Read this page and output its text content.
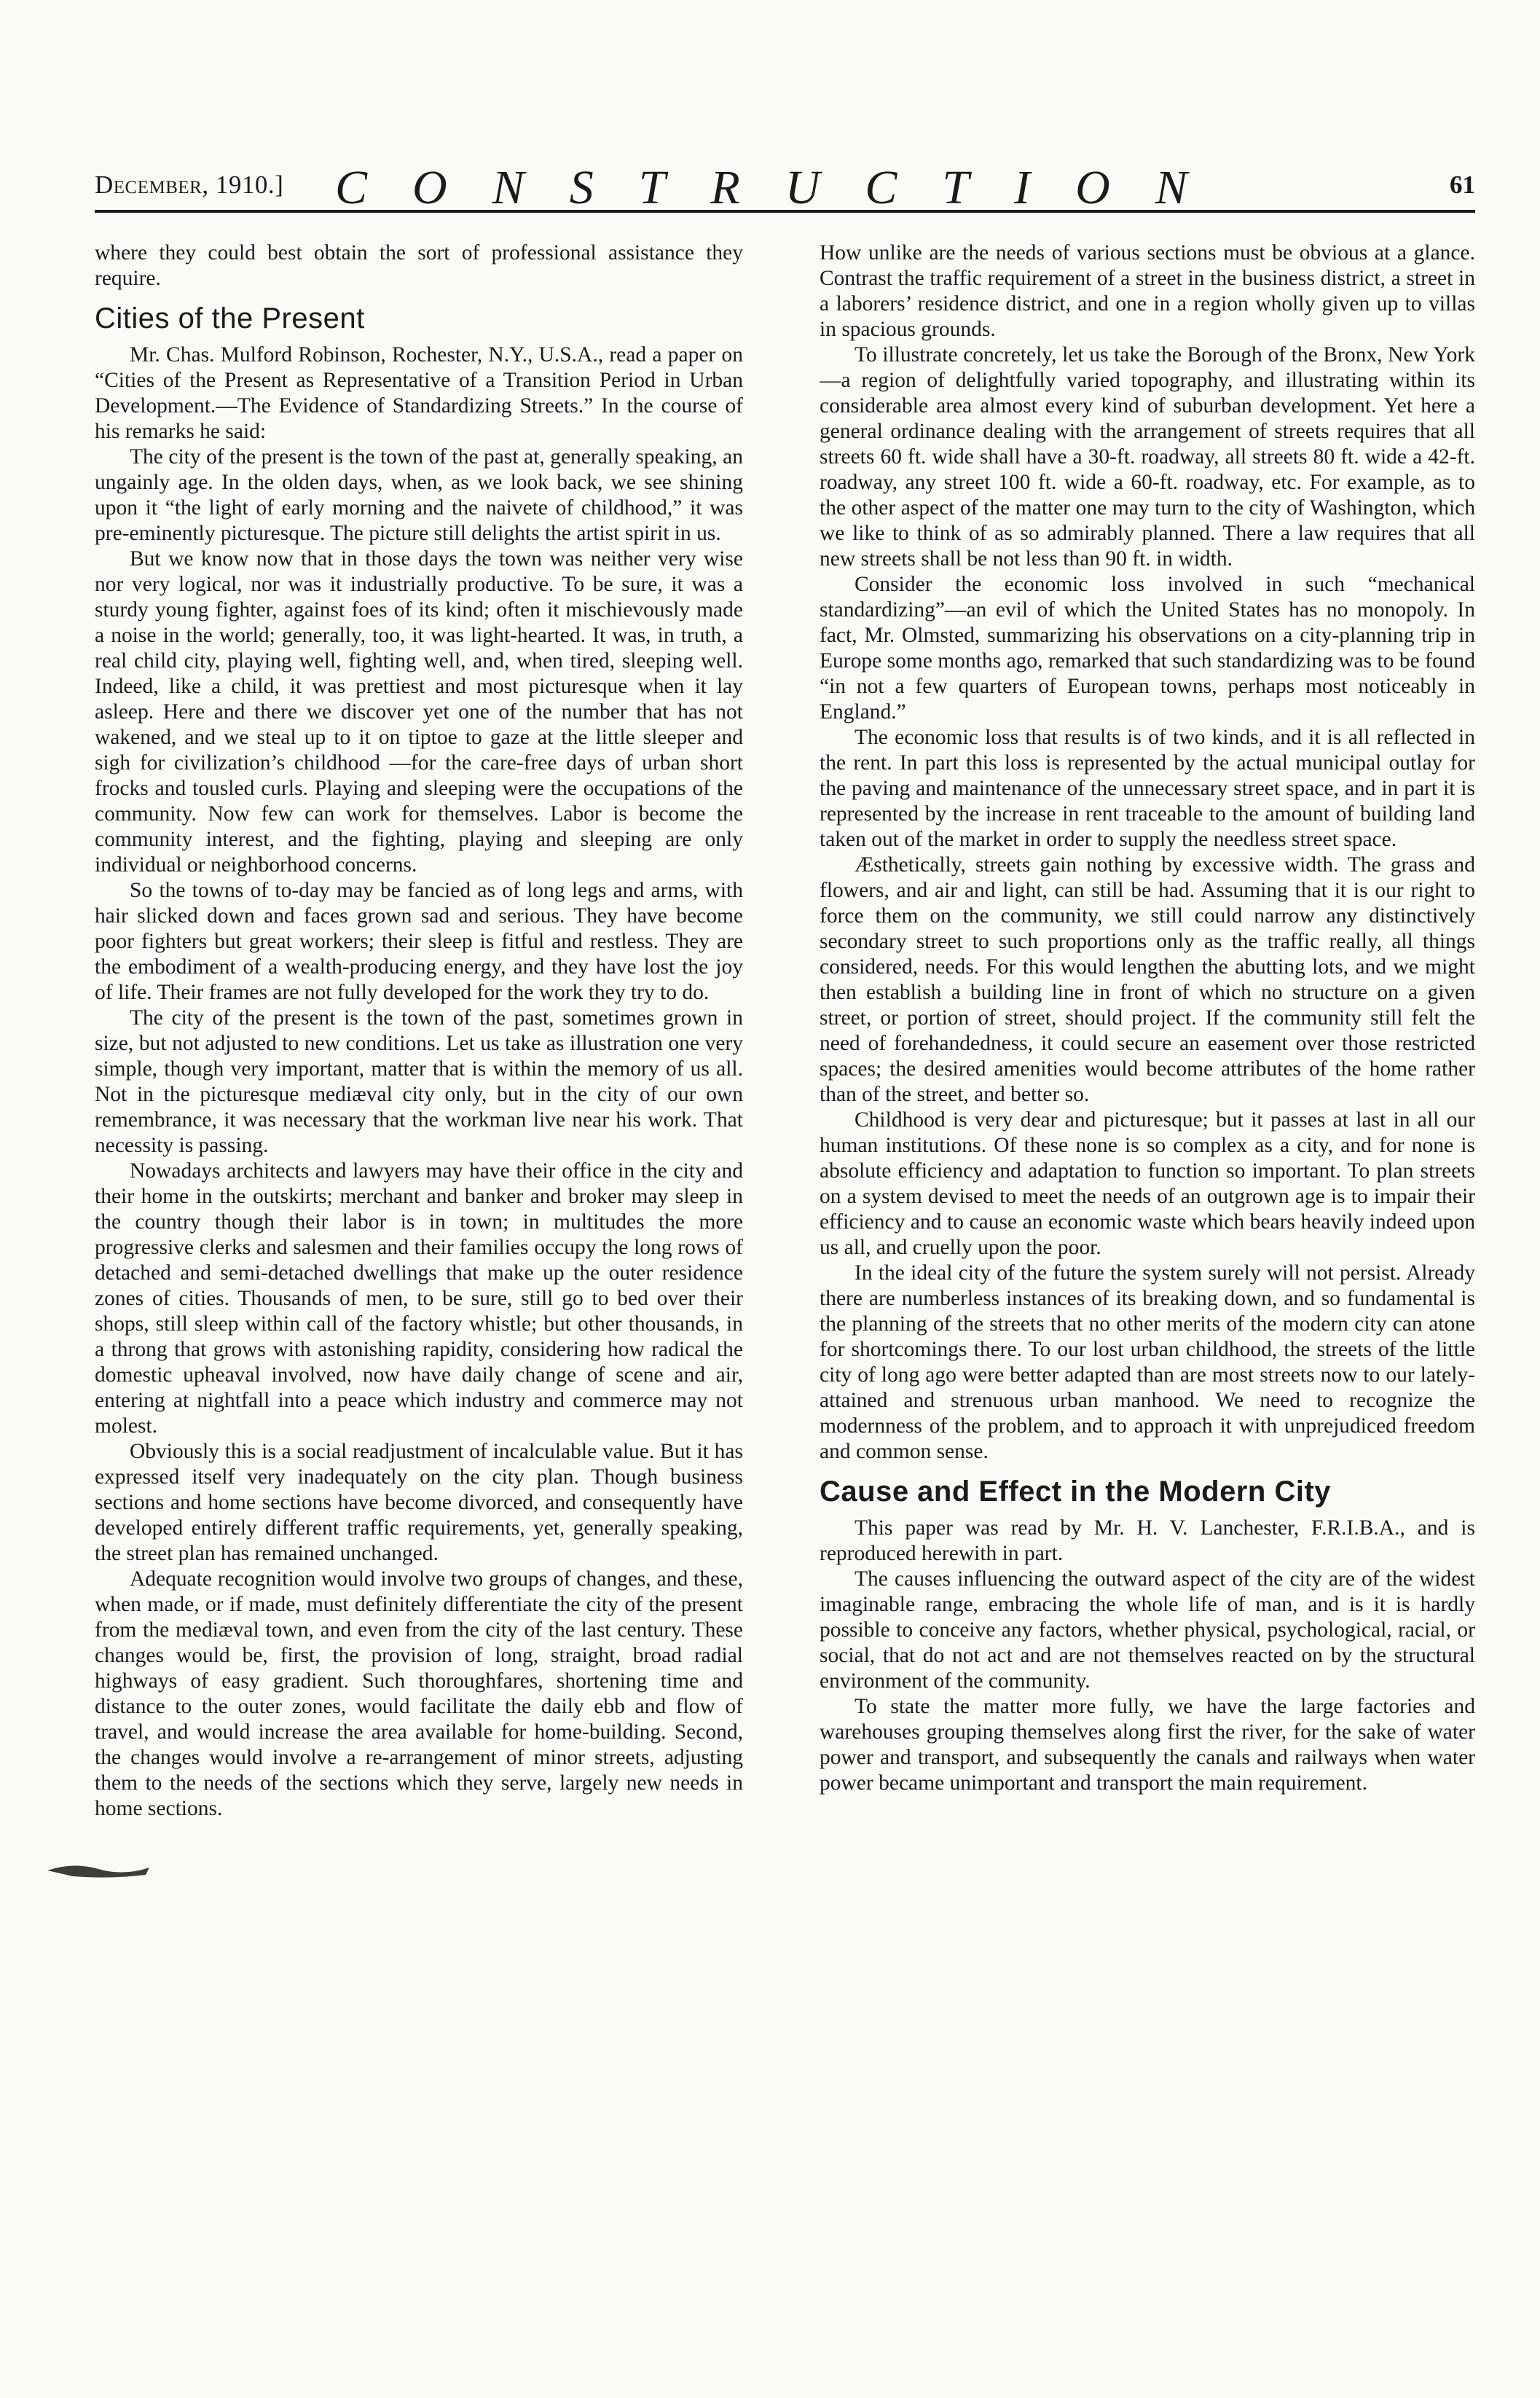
December, 1910.] CONSTRUCTION	61

where they could best obtain the sort of professional assistance they require.

Cities of the Present

Mr. Chas. Mulford Robinson, Rochester, N.Y., U.S.A., read a paper on “Cities of the Present as Representative of a Transition Period in Urban Development.—The Evidence of Standardizing Streets.” In the course of his remarks he said:

The city of the present is the town of the past at, generally speaking, an ungainly age. In the olden days, when, as we look back, we see shining upon it “the light of early morning and the naivete of childhood,” it was pre-eminently picturesque. The picture still delights the artist spirit in us.

But we know now that in those days the town was neither very wise nor very logical, nor was it industrially productive. To be sure, it was a sturdy young fighter, against foes of its kind; often it mischievously made a noise in the world; generally, too, it was light-hearted. It was, in truth, a real child city, playing well, fighting well, and, when tired, sleeping well. Indeed, like a child, it was prettiest and most picturesque when it lay asleep. Here and there we discover yet one of the number that has not wakened, and we steal up to it on tiptoe to gaze at the little sleeper and sigh for civilization’s childhood —for the care-free days of urban short frocks and tousled curls. Playing and sleeping were the occupations of the community. Now few can work for themselves. Labor is become the community interest, and the fighting, playing and sleeping are only individual or neighborhood concerns.

So the towns of to-day may be fancied as of long legs and arms, with hair slicked down and faces grown sad and serious. They have become poor fighters but great workers; their sleep is fitful and restless. They are the embodiment of a wealth-producing energy, and they have lost the joy of life. Their frames are not fully developed for the work they try to do.

The city of the present is the town of the past, sometimes grown in size, but not adjusted to new conditions. Let us take as illustration one very simple, though very important, matter that is within the memory of us all. Not in the picturesque mediæval city only, but in the city of our own remembrance, it was necessary that the workman live near his work. That necessity is passing.

Nowadays architects and lawyers may have their office in the city and their home in the outskirts; merchant and banker and broker may sleep in the country though their labor is in town; in multitudes the more progressive clerks and salesmen and their families occupy the long rows of detached and semi-detached dwellings that make up the outer residence zones of cities. Thousands of men, to be sure, still go to bed over their shops, still sleep within call of the factory whistle; but other thousands, in a throng that grows with astonishing rapidity, considering how radical the domestic upheaval involved, now have daily change of scene and air, entering at nightfall into a peace which industry and commerce may not molest.

Obviously this is a social readjustment of incalculable value. But it has expressed itself very inadequately on the city plan. Though business sections and home sections have become divorced, and consequently have developed entirely different traffic requirements, yet, generally speaking, the street plan has remained unchanged.

Adequate recognition would involve two groups of changes, and these, when made, or if made, must definitely differentiate the city of the present from the mediæval town, and even from the city of the last century. These changes would be, first, the provision of long, straight, broad radial highways of easy gradient. Such thoroughfares, shortening time and distance to the outer zones, would facilitate the daily ebb and flow of travel, and would increase the area available for home-building. Second, the changes would involve a re-arrangement of minor streets, adjusting them to the needs of the sections which they serve, largely new needs in home sections.

How unlike are the needs of various sections must be obvious at a glance. Contrast the traffic requirement of a street in the business district, a street in a laborers’ residence district, and one in a region wholly given up to villas in spacious grounds.

To illustrate concretely, let us take the Borough of the Bronx, New York—a region of delightfully varied topography, and illustrating within its considerable area almost every kind of suburban development. Yet here a general ordinance dealing with the arrangement of streets requires that all streets 60 ft. wide shall have a 30-ft. roadway, all streets 80 ft. wide a 42-ft. roadway, any street 100 ft. wide a 60-ft. roadway, etc. For example, as to the other aspect of the matter one may turn to the city of Washington, which we like to think of as so admirably planned. There a law requires that all new streets shall be not less than 90 ft. in width.

Consider the economic loss involved in such “mechanical standardizing”—an evil of which the United States has no monopoly. In fact, Mr. Olmsted, summarizing his observations on a city-planning trip in Europe some months ago, remarked that such standardizing was to be found “in not a few quarters of European towns, perhaps most noticeably in England.”

The economic loss that results is of two kinds, and it is all reflected in the rent. In part this loss is represented by the actual municipal outlay for the paving and maintenance of the unnecessary street space, and in part it is represented by the increase in rent traceable to the amount of building land taken out of the market in order to supply the needless street space.

Æsthetically, streets gain nothing by excessive width. The grass and flowers, and air and light, can still be had. Assuming that it is our right to force them on the community, we still could narrow any distinctively secondary street to such proportions only as the traffic really, all things considered, needs. For this would lengthen the abutting lots, and we might then establish a building line in front of which no structure on a given street, or portion of street, should project. If the community still felt the need of forehandedness, it could secure an easement over those restricted spaces; the desired amenities would become attributes of the home rather than of the street, and better so.

Childhood is very dear and picturesque; but it passes at last in all our human institutions. Of these none is so complex as a city, and for none is absolute efficiency and adaptation to function so important. To plan streets on a system devised to meet the needs of an outgrown age is to impair their efficiency and to cause an economic waste which bears heavily indeed upon us all, and cruelly upon the poor.

In the ideal city of the future the system surely will not persist. Already there are numberless instances of its breaking down, and so fundamental is the planning of the streets that no other merits of the modern city can atone for shortcomings there. To our lost urban childhood, the streets of the little city of long ago were better adapted than are most streets now to our lately-attained and strenuous urban manhood. We need to recognize the modernness of the problem, and to approach it with unprejudiced freedom and common sense.

Cause and Effect in the Modern City

This paper was read by Mr. H. V. Lanchester, F.R.I.B.A., and is reproduced herewith in part.

The causes influencing the outward aspect of the city are of the widest imaginable range, embracing the whole life of man, and is it is hardly possible to conceive any factors, whether physical, psychological, racial, or social, that do not act and are not themselves reacted on by the structural environment of the community.

To state the matter more fully, we have the large factories and warehouses grouping themselves along first the river, for the sake of water power and transport, and subsequently the canals and railways when water power became unimportant and transport the main requirement.
